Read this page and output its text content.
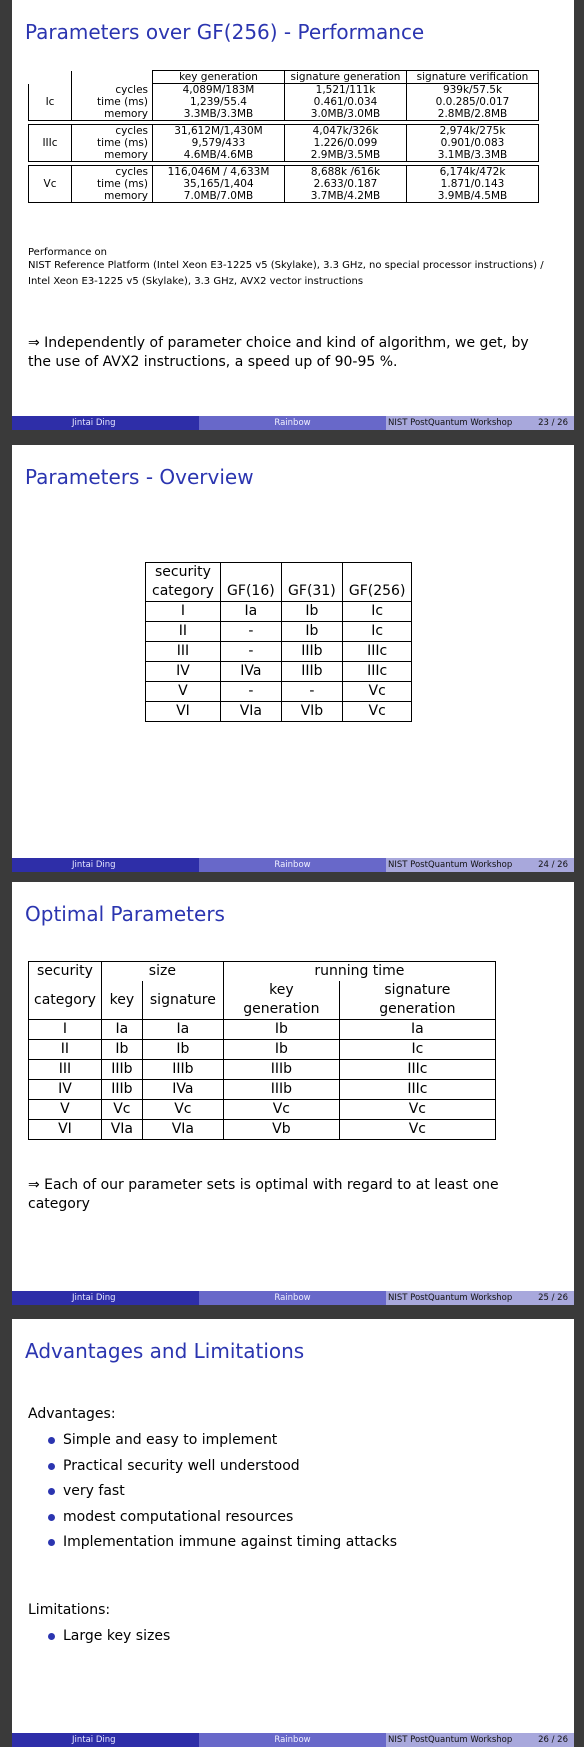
Parameters over GF(256) - Performance
		key generation	signature generation	signature verification
Ic	cycles	4,089M/183M	1,521/111k	939k/57.5k
	time (ms)	1,239/55.4	0.461/0.034	0.0.285/0.017
	memory	3.3MB/3.3MB	3.0MB/3.0MB	2.8MB/2.8MB

IIIc	cycles	31,612M/1,430M	4,047k/326k	2,974k/275k
	time (ms)	9,579/433	1.226/0.099	0.901/0.083
	memory	4.6MB/4.6MB	2.9MB/3.5MB	3.1MB/3.3MB

Vc	cycles	116,046M / 4,633M	8,688k /616k	6,174k/472k
	time (ms)	35,165/1,404	2.633/0.187	1.871/0.143
	memory	7.0MB/7.0MB	3.7MB/4.2MB	3.9MB/4.5MB
Performance on
NIST Reference Platform (Intel Xeon E3-1225 v5 (Skylake), 3.3 GHz, no special processor instructions) /
Intel Xeon E3-1225 v5 (Skylake), 3.3 GHz, AVX2 vector instructions
⇒ Independently of parameter choice and kind of algorithm, we get, by the use of AVX2 instructions, a speed up of 90-95 %.
Jintai Ding	Rainbow	NIST PostQuantum Workshop	23 / 26
Parameters - Overview
security			
category	GF(16)	GF(31)	GF(256)
I	Ia	Ib	Ic
II	-	Ib	Ic
III	-	IIIb	IIIc
IV	IVa	IIIb	IIIc
V	-	-	Vc
VI	VIa	VIb	Vc
Jintai Ding	Rainbow	NIST PostQuantum Workshop	24 / 26
Optimal Parameters
security	size		running time	
category	key	signature	key generation	signature generation
I	Ia	Ia	Ib	Ia
II	Ib	Ib	Ib	Ic
III	IIIb	IIIb	IIIb	IIIc
IV	IIIb	IVa	IIIb	IIIc
V	Vc	Vc	Vc	Vc
VI	VIa	VIa	Vb	Vc
⇒ Each of our parameter sets is optimal with regard to at least one category
Jintai Ding	Rainbow	NIST PostQuantum Workshop	25 / 26
Advantages and Limitations
Advantages:
Simple and easy to implement
Practical security well understood
very fast
modest computational resources
Implementation immune against timing attacks
Limitations:
Large key sizes
Jintai Ding	Rainbow	NIST PostQuantum Workshop	26 / 26
